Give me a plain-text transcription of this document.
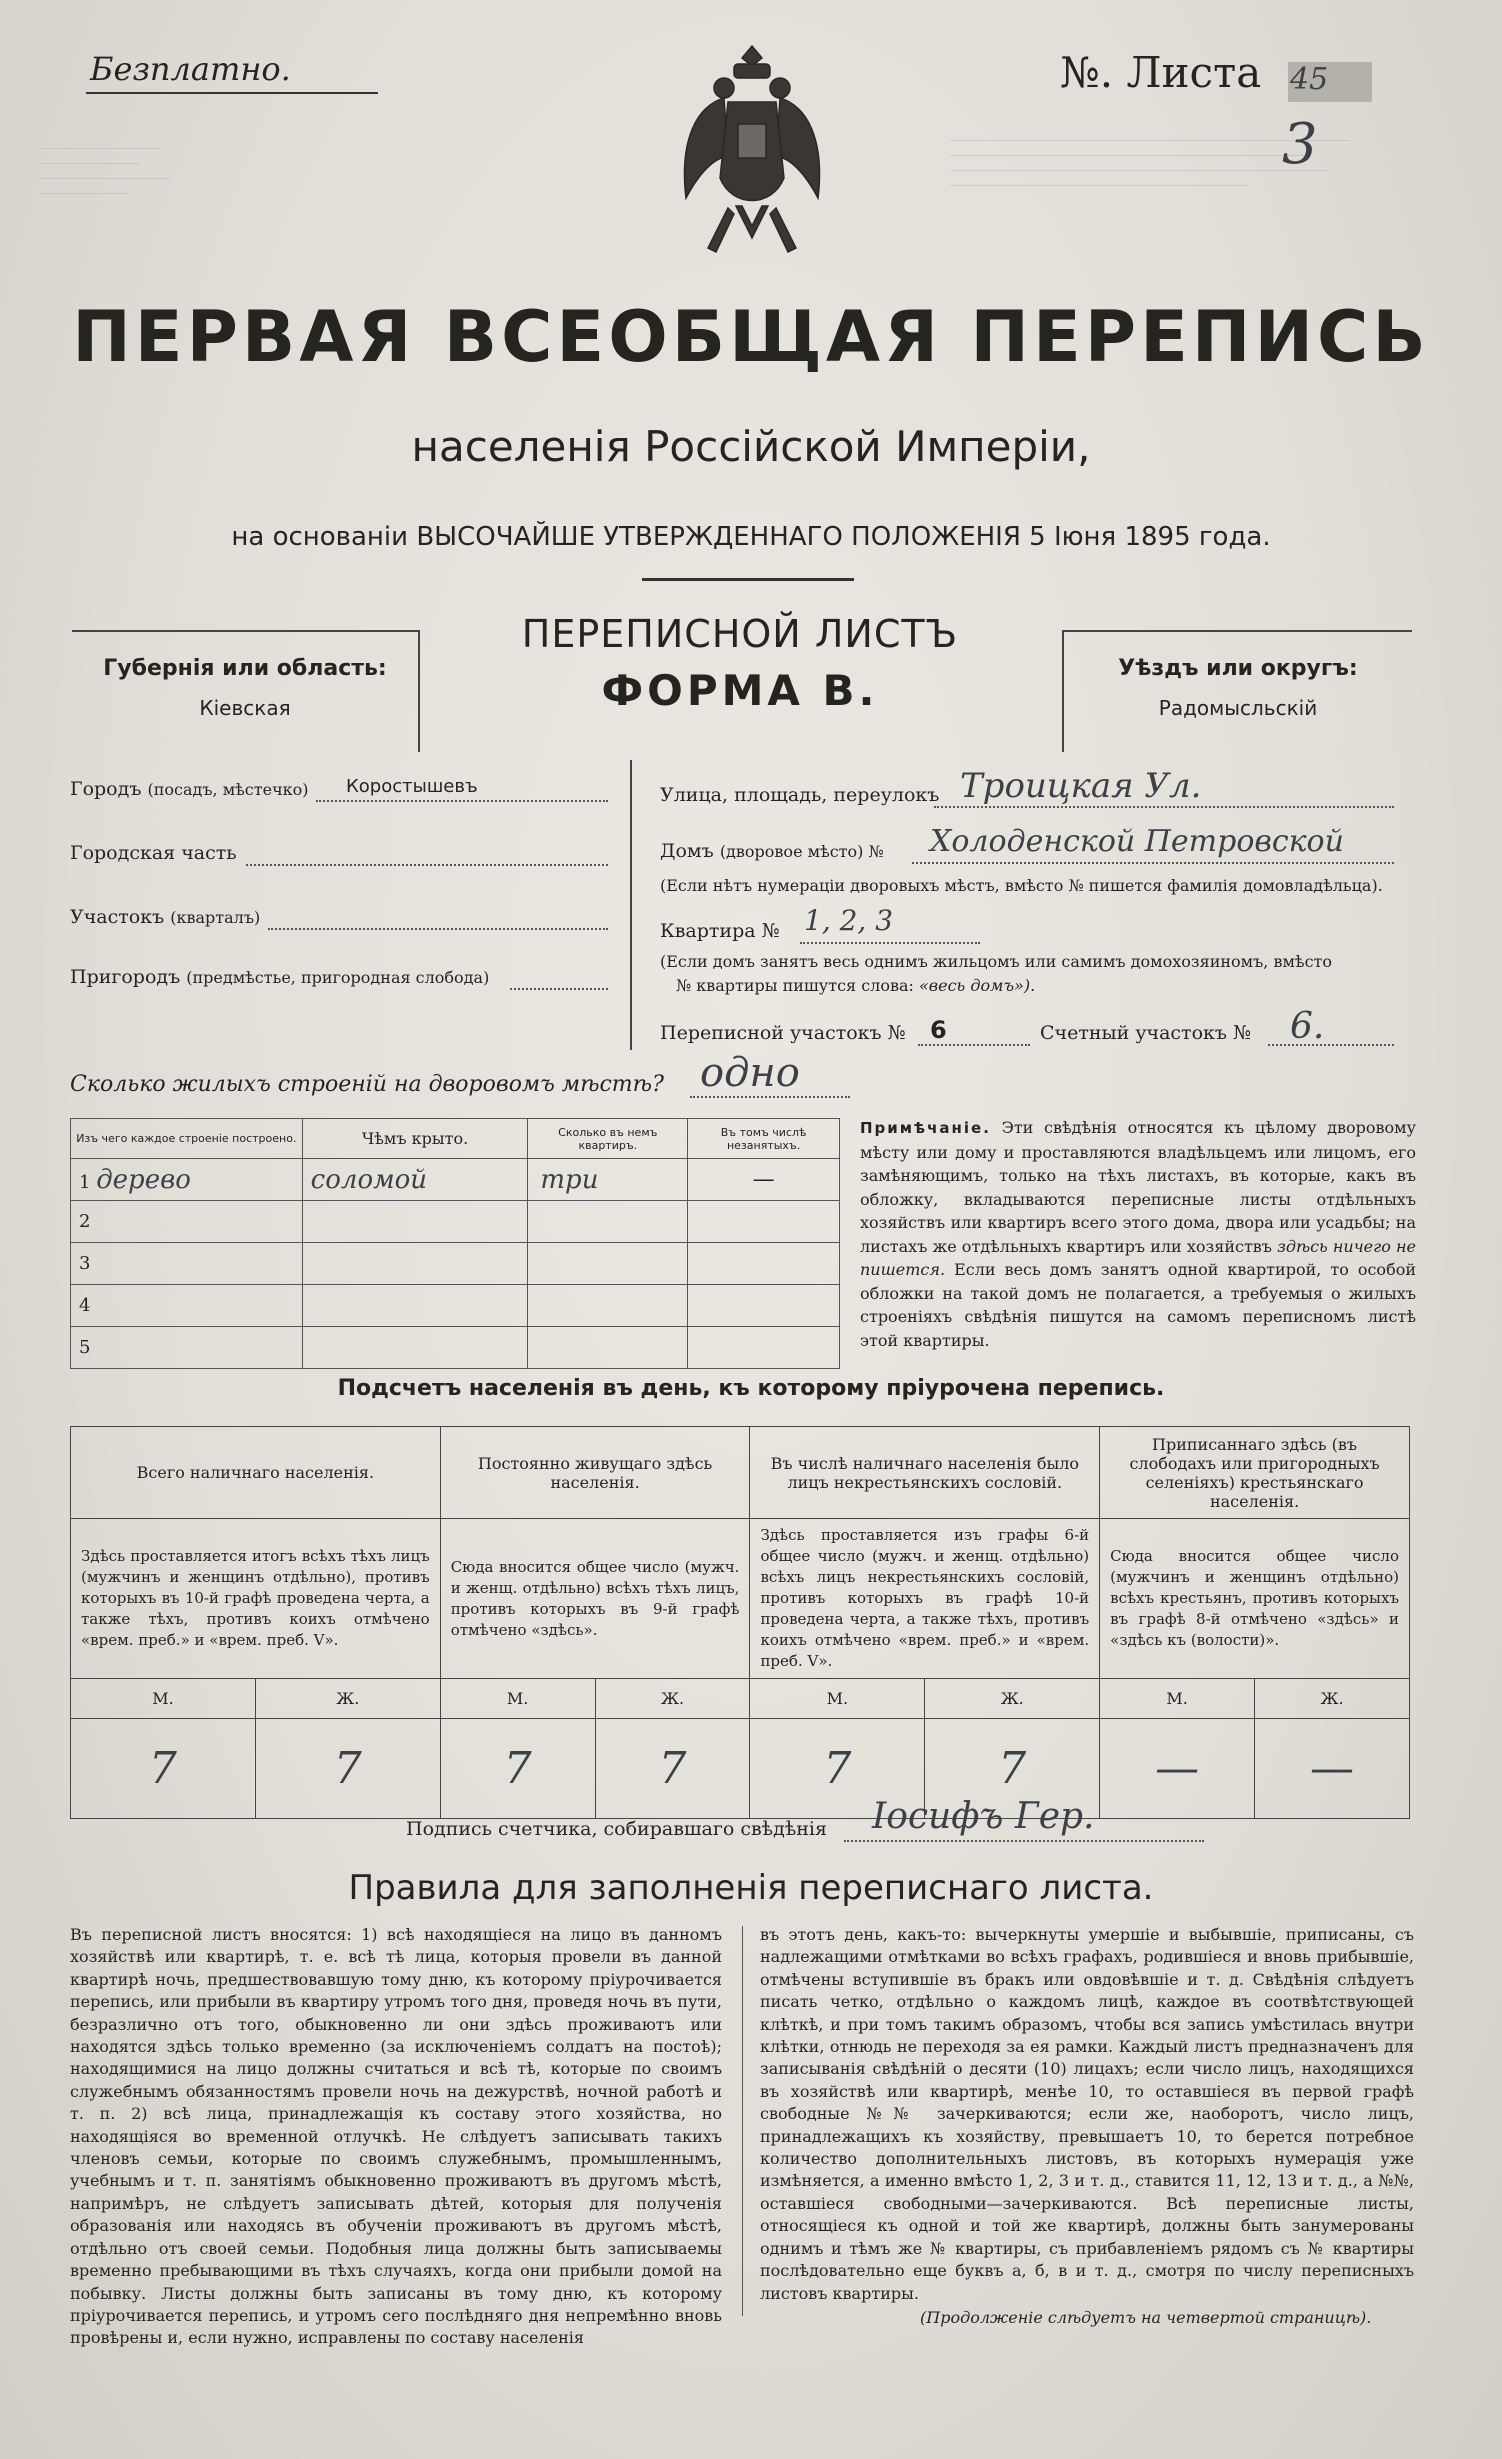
Безплатно.	№. Листа 45
3
ПЕРВАЯ ВСЕОБЩАЯ ПЕРЕПИСЬ
населенія Россійской Имперіи,
на основаніи ВЫСОЧАЙШЕ УТВЕРЖДЕННАГО ПОЛОЖЕНІЯ 5 Іюня 1895 года.
Губернія или область:
Кіевская
ПЕРЕПИСНОЙ ЛИСТЪ
ФОРМА В.	Уѣздъ или округъ:
Радомысльскій
Городъ (посадъ, мѣстечко) Коростышевъ
Городская часть
Участокъ (кварталъ)
Пригородъ (предмѣстье, пригородная слобода)
Улица, площадь, переулокъ Троицкая Ул.
Домъ (дворовое мѣсто) № Холоденской Петровской
(Если нѣтъ нумераціи дворовыхъ мѣстъ, вмѣсто № пишется фамилія домовладѣльца).
Квартира № 1, 2, 3
(Если домъ занятъ весь однимъ жильцомъ или самимъ домохозяиномъ, вмѣсто
№ квартиры пишутся слова: «весь домъ»).
Переписной участокъ № 6	Счетный участокъ № 6.
Сколько жилыхъ строеній на дворовомъ мѣстѣ? одно
Изъ чего каждое строеніе построено.	Чѣмъ крыто.	Сколько въ немъ квартиръ.	Въ томъ числѣ незанятыхъ.
1 дерево	соломой	три	—
2			
3			
4			
5			
Примѣчаніе. Эти свѣдѣнія относятся къ цѣлому дворовому мѣсту или дому и проставляются владѣльцемъ или лицомъ, его замѣняющимъ, только на тѣхъ листахъ, въ которые, какъ въ обложку, вкладываются переписные листы отдѣльныхъ хозяйствъ или квартиръ всего этого дома, двора или усадьбы; на листахъ же отдѣльныхъ квартиръ или хозяйствъ здѣсь ничего не пишется. Если весь домъ занятъ одной квартирой, то особой обложки на такой домъ не полагается, а требуемыя о жилыхъ строеніяхъ свѣдѣнія пишутся на самомъ переписномъ листѣ этой квартиры.
Подсчетъ населенія въ день, къ которому пріурочена перепись.
Всего наличнаго населенія.		Постоянно живущаго здѣсь населенія.		Въ числѣ наличнаго населенія было лицъ некрестьянскихъ сословій.		Приписаннаго здѣсь (въ слободахъ или пригородныхъ селеніяхъ) крестьянскаго населенія.	
Здѣсь проставляется итогъ всѣхъ тѣхъ лицъ (мужчинъ и женщинъ отдѣльно), противъ которыхъ въ 10-й графѣ проведена черта, а также тѣхъ, противъ коихъ отмѣчено «врем. преб.» и «врем. преб. V».		Сюда вносится общее число (мужч. и женщ. отдѣльно) всѣхъ тѣхъ лицъ, противъ которыхъ въ 9-й графѣ отмѣчено «здѣсь».		Здѣсь проставляется изъ графы 6-й общее число (мужч. и женщ. отдѣльно) всѣхъ лицъ некрестьянскихъ сословій, противъ которыхъ въ графѣ 10-й проведена черта, а также тѣхъ, противъ коихъ отмѣчено «врем. преб.» и «врем. преб. V».		Сюда вносится общее число (мужчинъ и женщинъ отдѣльно) всѣхъ крестьянъ, противъ которыхъ въ графѣ 8-й отмѣчено «здѣсь» и «здѣсь къ (волости)».	
М.	Ж.	М.	Ж.	М.	Ж.	М.	Ж.
7	7	7	7	7	7	—	—
Подпись счетчика, собиравшаго свѣдѣнія Іосифъ Гер.
Правила для заполненія переписнаго листа.
Въ переписной листъ вносятся: 1) всѣ находящіеся на лицо въ данномъ хозяйствѣ или квартирѣ, т. е. всѣ тѣ лица, которыя провели въ данной квартирѣ ночь, предшествовавшую тому дню, къ которому пріурочивается перепись, или прибыли въ квартиру утромъ того дня, проведя ночь въ пути, безразлично отъ того, обыкновенно ли они здѣсь проживаютъ или находятся здѣсь только временно (за исключеніемъ солдатъ на постоѣ); находящимися на лицо должны считаться и всѣ тѣ, которые по своимъ служебнымъ обязанностямъ провели ночь на дежурствѣ, ночной работѣ и т. п. 2) всѣ лица, принадлежащія къ составу этого хозяйства, но находящіяся во временной отлучкѣ. Не слѣдуетъ записывать такихъ членовъ семьи, которые по своимъ служебнымъ, промышленнымъ, учебнымъ и т. п. занятіямъ обыкновенно проживаютъ въ другомъ мѣстѣ, напримѣръ, не слѣдуетъ записывать дѣтей, которыя для полученія образованія или находясь въ обученіи проживаютъ въ другомъ мѣстѣ, отдѣльно отъ своей семьи. Подобныя лица должны быть записываемы временно пребывающими въ тѣхъ случаяхъ, когда они прибыли домой на побывку. Листы должны быть записаны въ тому дню, къ которому пріурочивается перепись, и утромъ сего послѣдняго дня непремѣнно вновь провѣрены и, если нужно, исправлены по составу населенія
въ этотъ день, какъ-то: вычеркнуты умершіе и выбывшіе, приписаны, съ надлежащими отмѣтками во всѣхъ графахъ, родившіеся и вновь прибывшіе, отмѣчены вступившіе въ бракъ или овдовѣвшіе и т. д. Свѣдѣнія слѣдуетъ писать четко, отдѣльно о каждомъ лицѣ, каждое въ соотвѣтствующей клѣткѣ, и при томъ такимъ образомъ, чтобы вся запись умѣстилась внутри клѣтки, отнюдь не переходя за ея рамки. Каждый листъ предназначенъ для записыванія свѣдѣній о десяти (10) лицахъ; если число лицъ, находящихся въ хозяйствѣ или квартирѣ, менѣе 10, то оставшіеся въ первой графѣ свободные №№ зачеркиваются; если же, наоборотъ, число лицъ, принадлежащихъ къ хозяйству, превышаетъ 10, то берется потребное количество дополнительныхъ листовъ, въ которыхъ нумерація уже измѣняется, а именно вмѣсто 1, 2, 3 и т. д., ставится 11, 12, 13 и т. д., а №№, оставшіеся свободными—зачеркиваются. Всѣ переписные листы, относящіеся къ одной и той же квартирѣ, должны быть занумерованы однимъ и тѣмъ же № квартиры, съ прибавленіемъ рядомъ съ № квартиры послѣдовательно еще буквъ а, б, в и т. д., смотря по числу переписныхъ листовъ квартиры.
(Продолженіе слѣдуетъ на четвертой страницѣ).
